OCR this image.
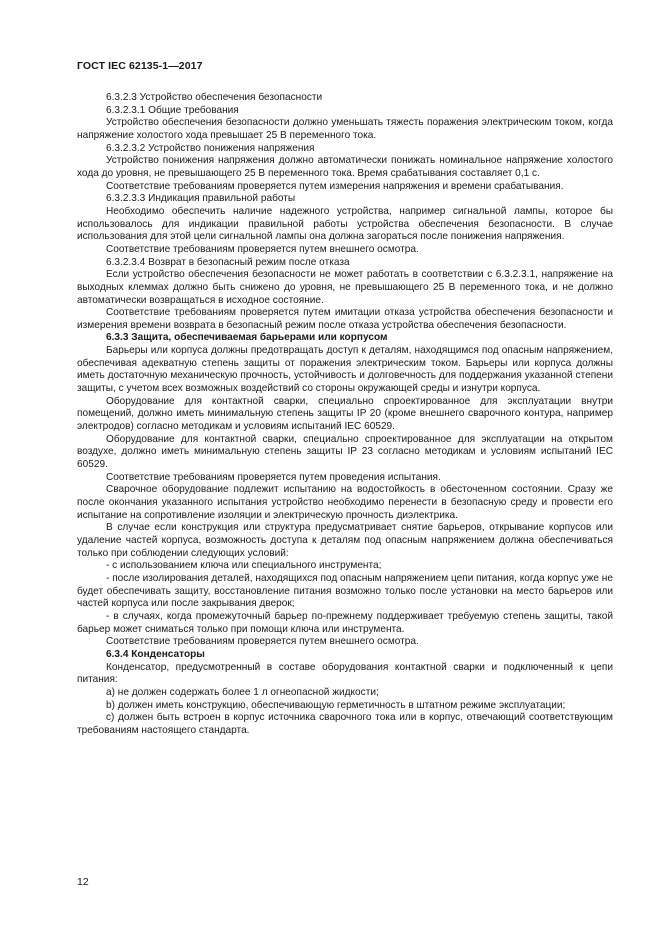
ГОСТ IEC 62135-1—2017

6.3.2.3 Устройство обеспечения безопасности

6.3.2.3.1 Общие требования

Устройство обеспечения безопасности должно уменьшать тяжесть поражения электрическим током, когда напряжение холостого хода превышает 25 В переменного тока.

6.3.2.3.2 Устройство понижения напряжения

Устройство понижения напряжения должно автоматически понижать номинальное напряжение холостого хода до уровня, не превышающего 25 В переменного тока. Время срабатывания составляет 0,1 с.

Соответствие требованиям проверяется путем измерения напряжения и времени срабатывания.

6.3.2.3.3 Индикация правильной работы

Необходимо обеспечить наличие надежного устройства, например сигнальной лампы, которое бы использовалось для индикации правильной работы устройства обеспечения безопасности. В случае использования для этой цели сигнальной лампы она должна загораться после понижения напряжения.

Соответствие требованиям проверяется путем внешнего осмотра.

6.3.2.3.4 Возврат в безопасный режим после отказа

Если устройство обеспечения безопасности не может работать в соответствии с 6.3.2.3.1, напряжение на выходных клеммах должно быть снижено до уровня, не превышающего 25 В переменного тока, и не должно автоматически возвращаться в исходное состояние.

Соответствие требованиям проверяется путем имитации отказа устройства обеспечения безопасности и измерения времени возврата в безопасный режим после отказа устройства обеспечения безопасности.

6.3.3 Защита, обеспечиваемая барьерами или корпусом

Барьеры или корпуса должны предотвращать доступ к деталям, находящимся под опасным напряжением, обеспечивая адекватную степень защиты от поражения электрическим током. Барьеры или корпуса должны иметь достаточную механическую прочность, устойчивость и долговечность для поддержания указанной степени защиты, с учетом всех возможных воздействий со стороны окружающей среды и изнутри корпуса.

Оборудование для контактной сварки, специально спроектированное для эксплуатации внутри помещений, должно иметь минимальную степень защиты IP 20 (кроме внешнего сварочного контура, например электродов) согласно методикам и условиям испытаний IEC 60529.

Оборудование для контактной сварки, специально спроектированное для эксплуатации на открытом воздухе, должно иметь минимальную степень защиты IP 23 согласно методикам и условиям испытаний IEC 60529.

Соответствие требованиям проверяется путем проведения испытания.

Сварочное оборудование подлежит испытанию на водостойкость в обесточенном состоянии. Сразу же после окончания указанного испытания устройство необходимо перенести в безопасную среду и провести его испытание на сопротивление изоляции и электрическую прочность диэлектрика.

В случае если конструкция или структура предусматривает снятие барьеров, открывание корпусов или удаление частей корпуса, возможность доступа к деталям под опасным напряжением должна обеспечиваться только при соблюдении следующих условий:

- с использованием ключа или специального инструмента;

- после изолирования деталей, находящихся под опасным напряжением цепи питания, когда корпус уже не будет обеспечивать защиту, восстановление питания возможно только после установки на место барьеров или частей корпуса или после закрывания дверок;

- в случаях, когда промежуточный барьер по-прежнему поддерживает требуемую степень защиты, такой барьер может сниматься только при помощи ключа или инструмента.

Соответствие требованиям проверяется путем внешнего осмотра.

6.3.4 Конденсаторы

Конденсатор, предусмотренный в составе оборудования контактной сварки и подключенный к цепи питания:

a) не должен содержать более 1 л огнеопасной жидкости;

b) должен иметь конструкцию, обеспечивающую герметичность в штатном режиме эксплуатации;

c) должен быть встроен в корпус источника сварочного тока или в корпус, отвечающий соответствующим требованиям настоящего стандарта.

12
